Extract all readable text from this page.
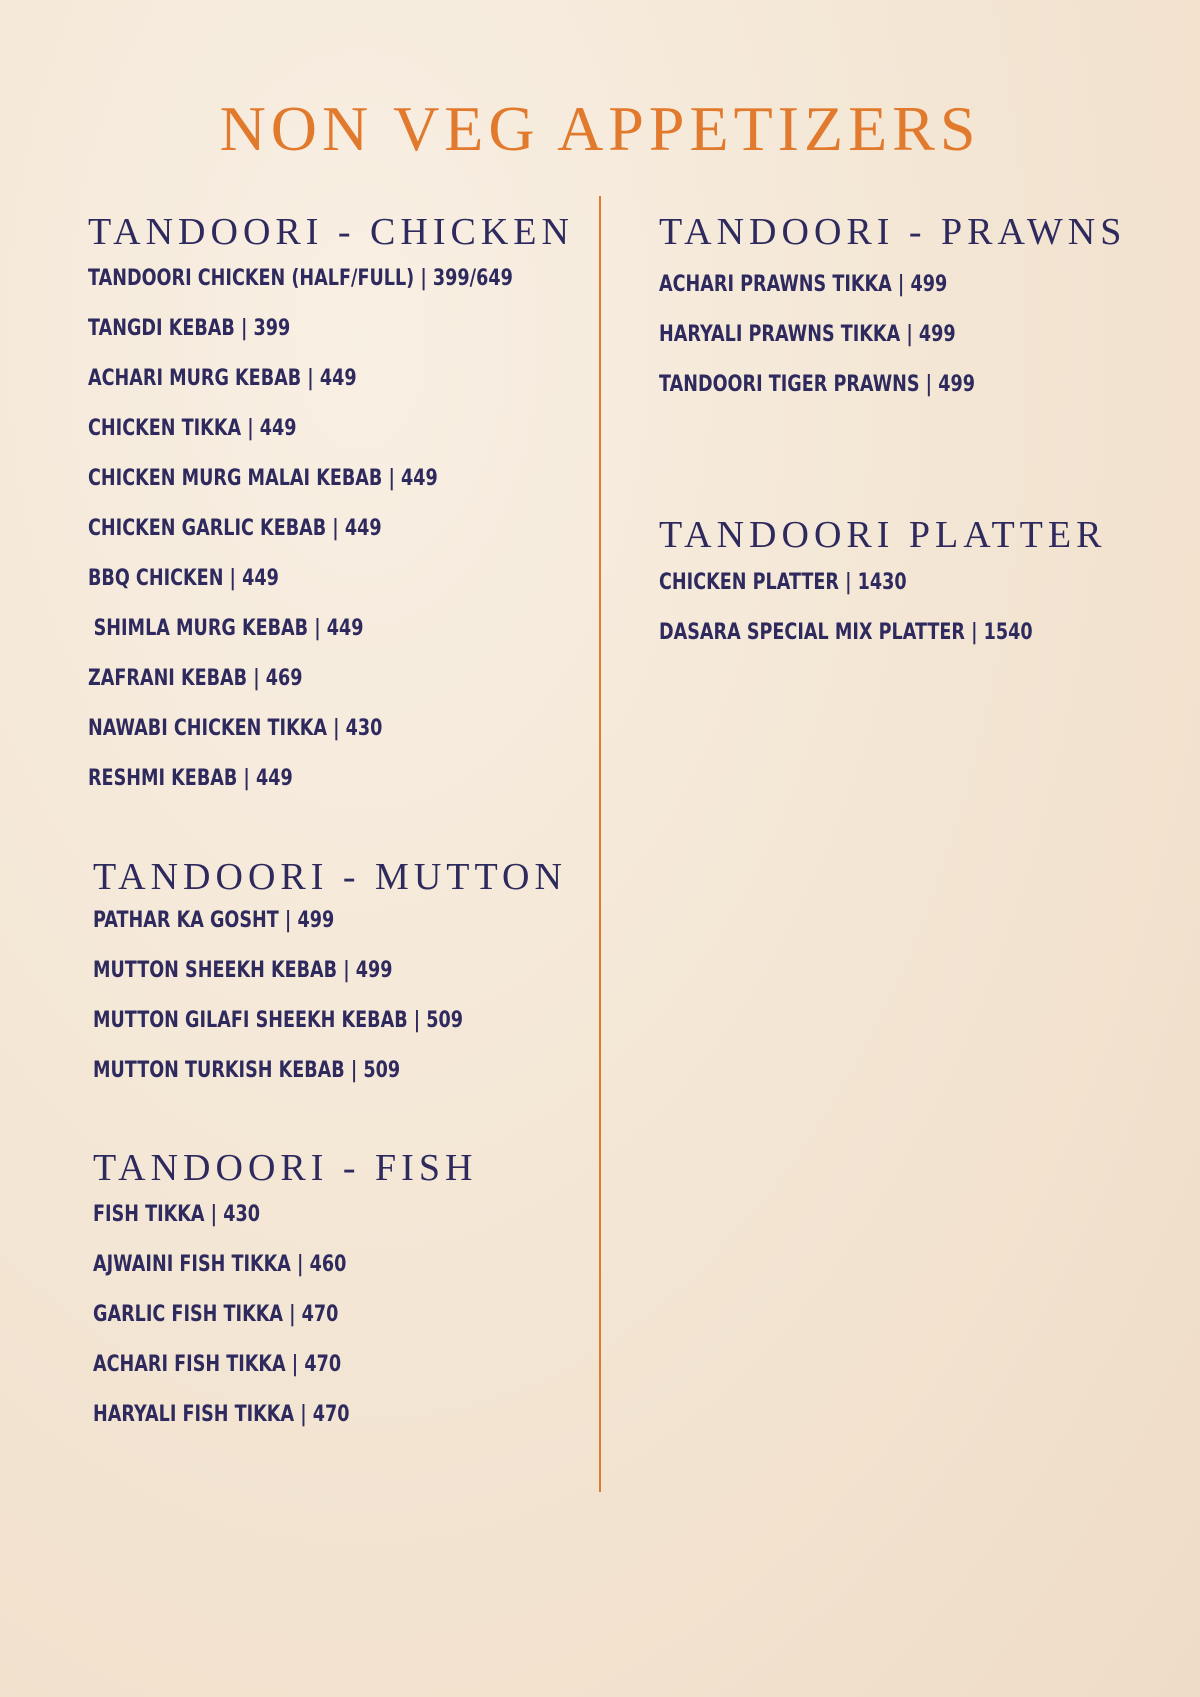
NON VEG APPETIZERS
TANDOORI - CHICKEN
TANDOORI CHICKEN (HALF/FULL) | 399/649
TANGDI KEBAB | 399
ACHARI MURG KEBAB | 449
CHICKEN TIKKA | 449
CHICKEN MURG MALAI KEBAB | 449
CHICKEN GARLIC KEBAB | 449
BBQ CHICKEN | 449
SHIMLA MURG KEBAB | 449
ZAFRANI KEBAB | 469
NAWABI CHICKEN TIKKA | 430
RESHMI KEBAB | 449
TANDOORI - MUTTON
PATHAR KA GOSHT | 499
MUTTON SHEEKH KEBAB | 499
MUTTON GILAFI SHEEKH KEBAB | 509
MUTTON TURKISH KEBAB | 509
TANDOORI - FISH
FISH TIKKA | 430
AJWAINI FISH TIKKA | 460
GARLIC FISH TIKKA | 470
ACHARI FISH TIKKA | 470
HARYALI FISH TIKKA | 470
TANDOORI - PRAWNS
ACHARI PRAWNS TIKKA | 499
HARYALI PRAWNS TIKKA | 499
TANDOORI TIGER PRAWNS | 499
TANDOORI PLATTER
CHICKEN PLATTER | 1430
DASARA SPECIAL MIX PLATTER | 1540
